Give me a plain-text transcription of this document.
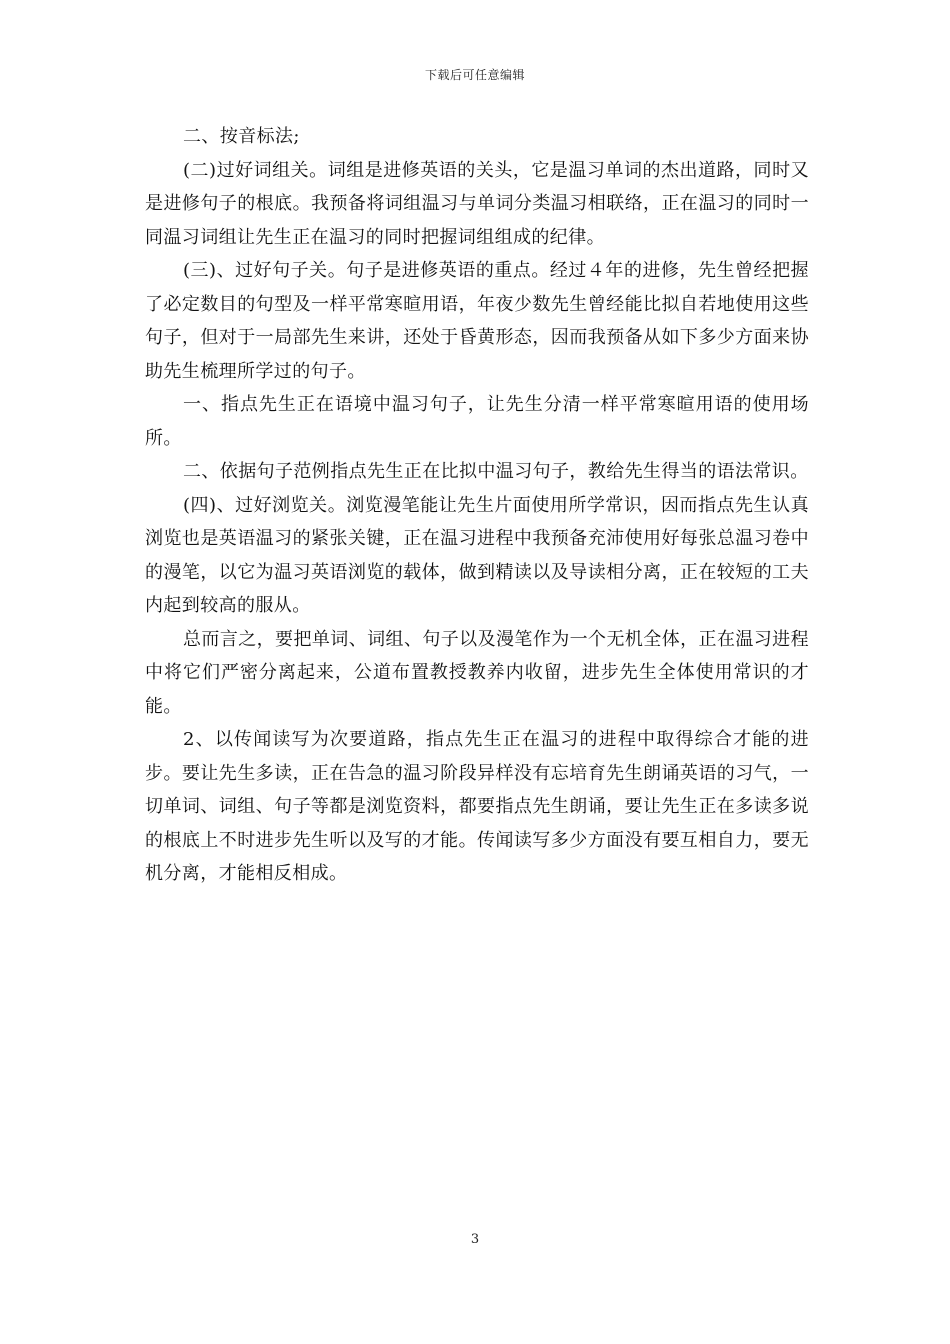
下载后可任意编辑

二、按音标法;

(二)过好词组关。词组是进修英语的关头，它是温习单词的杰出道路，同时又是进修句子的根底。我预备将词组温习与单词分类温习相联络，正在温习的同时一同温习词组让先生正在温习的同时把握词组组成的纪律。

(三)、过好句子关。句子是进修英语的重点。经过４年的进修，先生曾经把握了必定数目的句型及一样平常寒暄用语，年夜少数先生曾经能比拟自若地使用这些句子，但对于一局部先生来讲，还处于昏黄形态，因而我预备从如下多少方面来协助先生梳理所学过的句子。

一、指点先生正在语境中温习句子，让先生分清一样平常寒暄用语的使用场所。

二、依据句子范例指点先生正在比拟中温习句子，教给先生得当的语法常识。

(四)、过好浏览关。浏览漫笔能让先生片面使用所学常识，因而指点先生认真浏览也是英语温习的紧张关键，正在温习进程中我预备充沛使用好每张总温习卷中的漫笔，以它为温习英语浏览的载体，做到精读以及导读相分离，正在较短的工夫内起到较高的服从。

总而言之，要把单词、词组、句子以及漫笔作为一个无机全体，正在温习进程中将它们严密分离起来，公道布置教授教养内收留，进步先生全体使用常识的才能。

2、以传闻读写为次要道路，指点先生正在温习的进程中取得综合才能的进步。要让先生多读，正在告急的温习阶段异样没有忘培育先生朗诵英语的习气，一切单词、词组、句子等都是浏览资料，都要指点先生朗诵，要让先生正在多读多说的根底上不时进步先生听以及写的才能。传闻读写多少方面没有要互相自力，要无机分离，才能相反相成。

3
